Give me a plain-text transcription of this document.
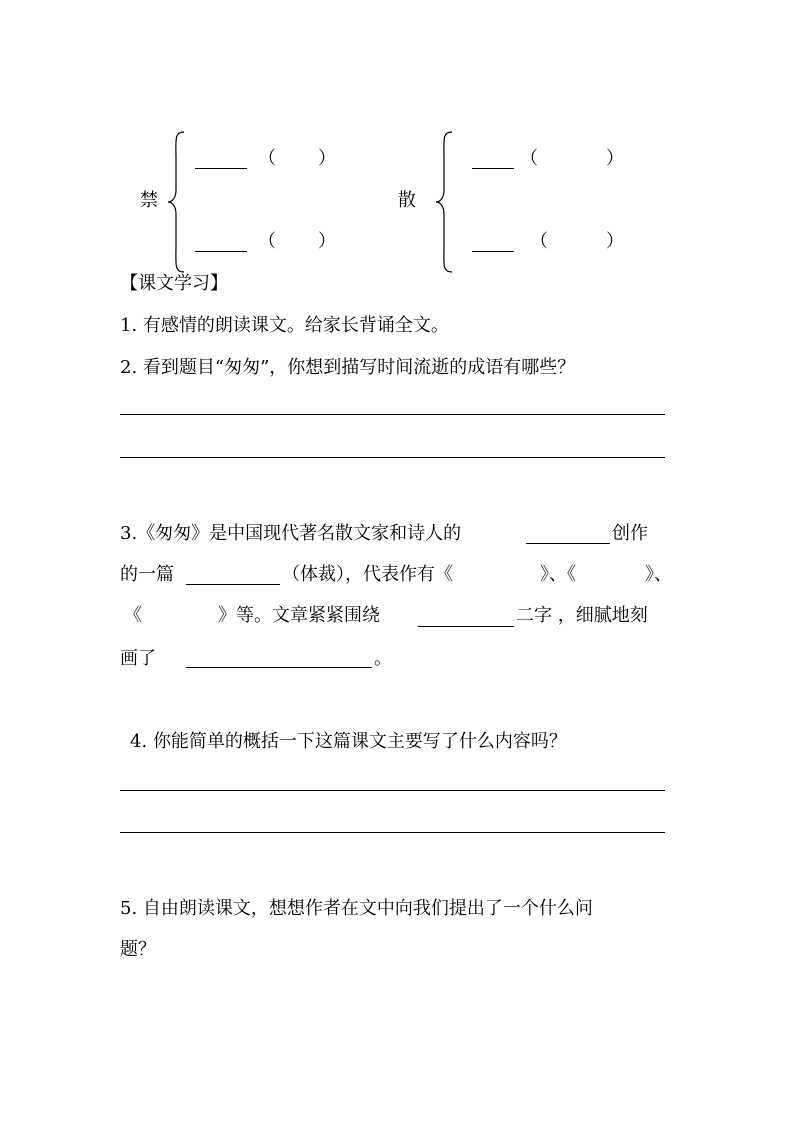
禁
（ ）
（ ）
散
（	）
（	）
【课文学习】
1. 有感情的朗读课文。给家长背诵全文。
2. 看到题目“匆匆”，你想到描写时间流逝的成语有哪些？
3.《匆匆》是中国现代著名散文家和诗人的	创作
的一篇	（体裁），代表作有《	》、《	》、
《	》等。文章紧紧围绕	二字 ，细腻地刻
画了	。
4. 你能简单的概括一下这篇课文主要写了什么内容吗？
5. 自由朗读课文，想想作者在文中向我们提出了一个什么问
题？
